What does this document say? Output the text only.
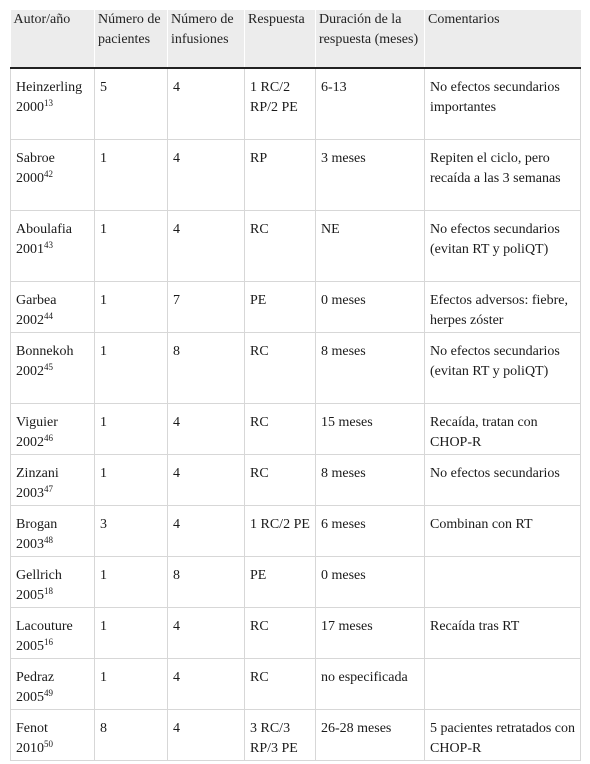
Autor/año	Número de pacientes	Número de infusiones	Respuesta	Duración de la respuesta (meses)	Comentarios
Heinzerling
2000$^{13}$	5	4	1 RC/2 RP/2 PE	6-13	No efectos secundarios importantes
Sabroe
2000$^{42}$	1	4	RP	3 meses	Repiten el ciclo, pero recaída a las 3 semanas
Aboulafia
2001$^{43}$	1	4	RC	NE	No efectos secundarios (evitan RT y poliQT)
Garbea
2002$^{44}$	1	7	PE	0 meses	Efectos adversos: fiebre, herpes zóster
Bonnekoh
2002$^{45}$	1	8	RC	8 meses	No efectos secundarios (evitan RT y poliQT)
Viguier
2002$^{46}$	1	4	RC	15 meses	Recaída, tratan con CHOP-R
Zinzani
2003$^{47}$	1	4	RC	8 meses	No efectos secundarios
Brogan
2003$^{48}$	3	4	1 RC/2 PE	6 meses	Combinan con RT
Gellrich
2005$^{18}$	1	8	PE	0 meses	
Lacouture
2005$^{16}$	1	4	RC	17 meses	Recaída tras RT
Pedraz
2005$^{49}$	1	4	RC	no especificada	
Fenot
2010$^{50}$	8	4	3 RC/3 RP/3 PE	26-28 meses	5 pacientes retratados con CHOP-R
